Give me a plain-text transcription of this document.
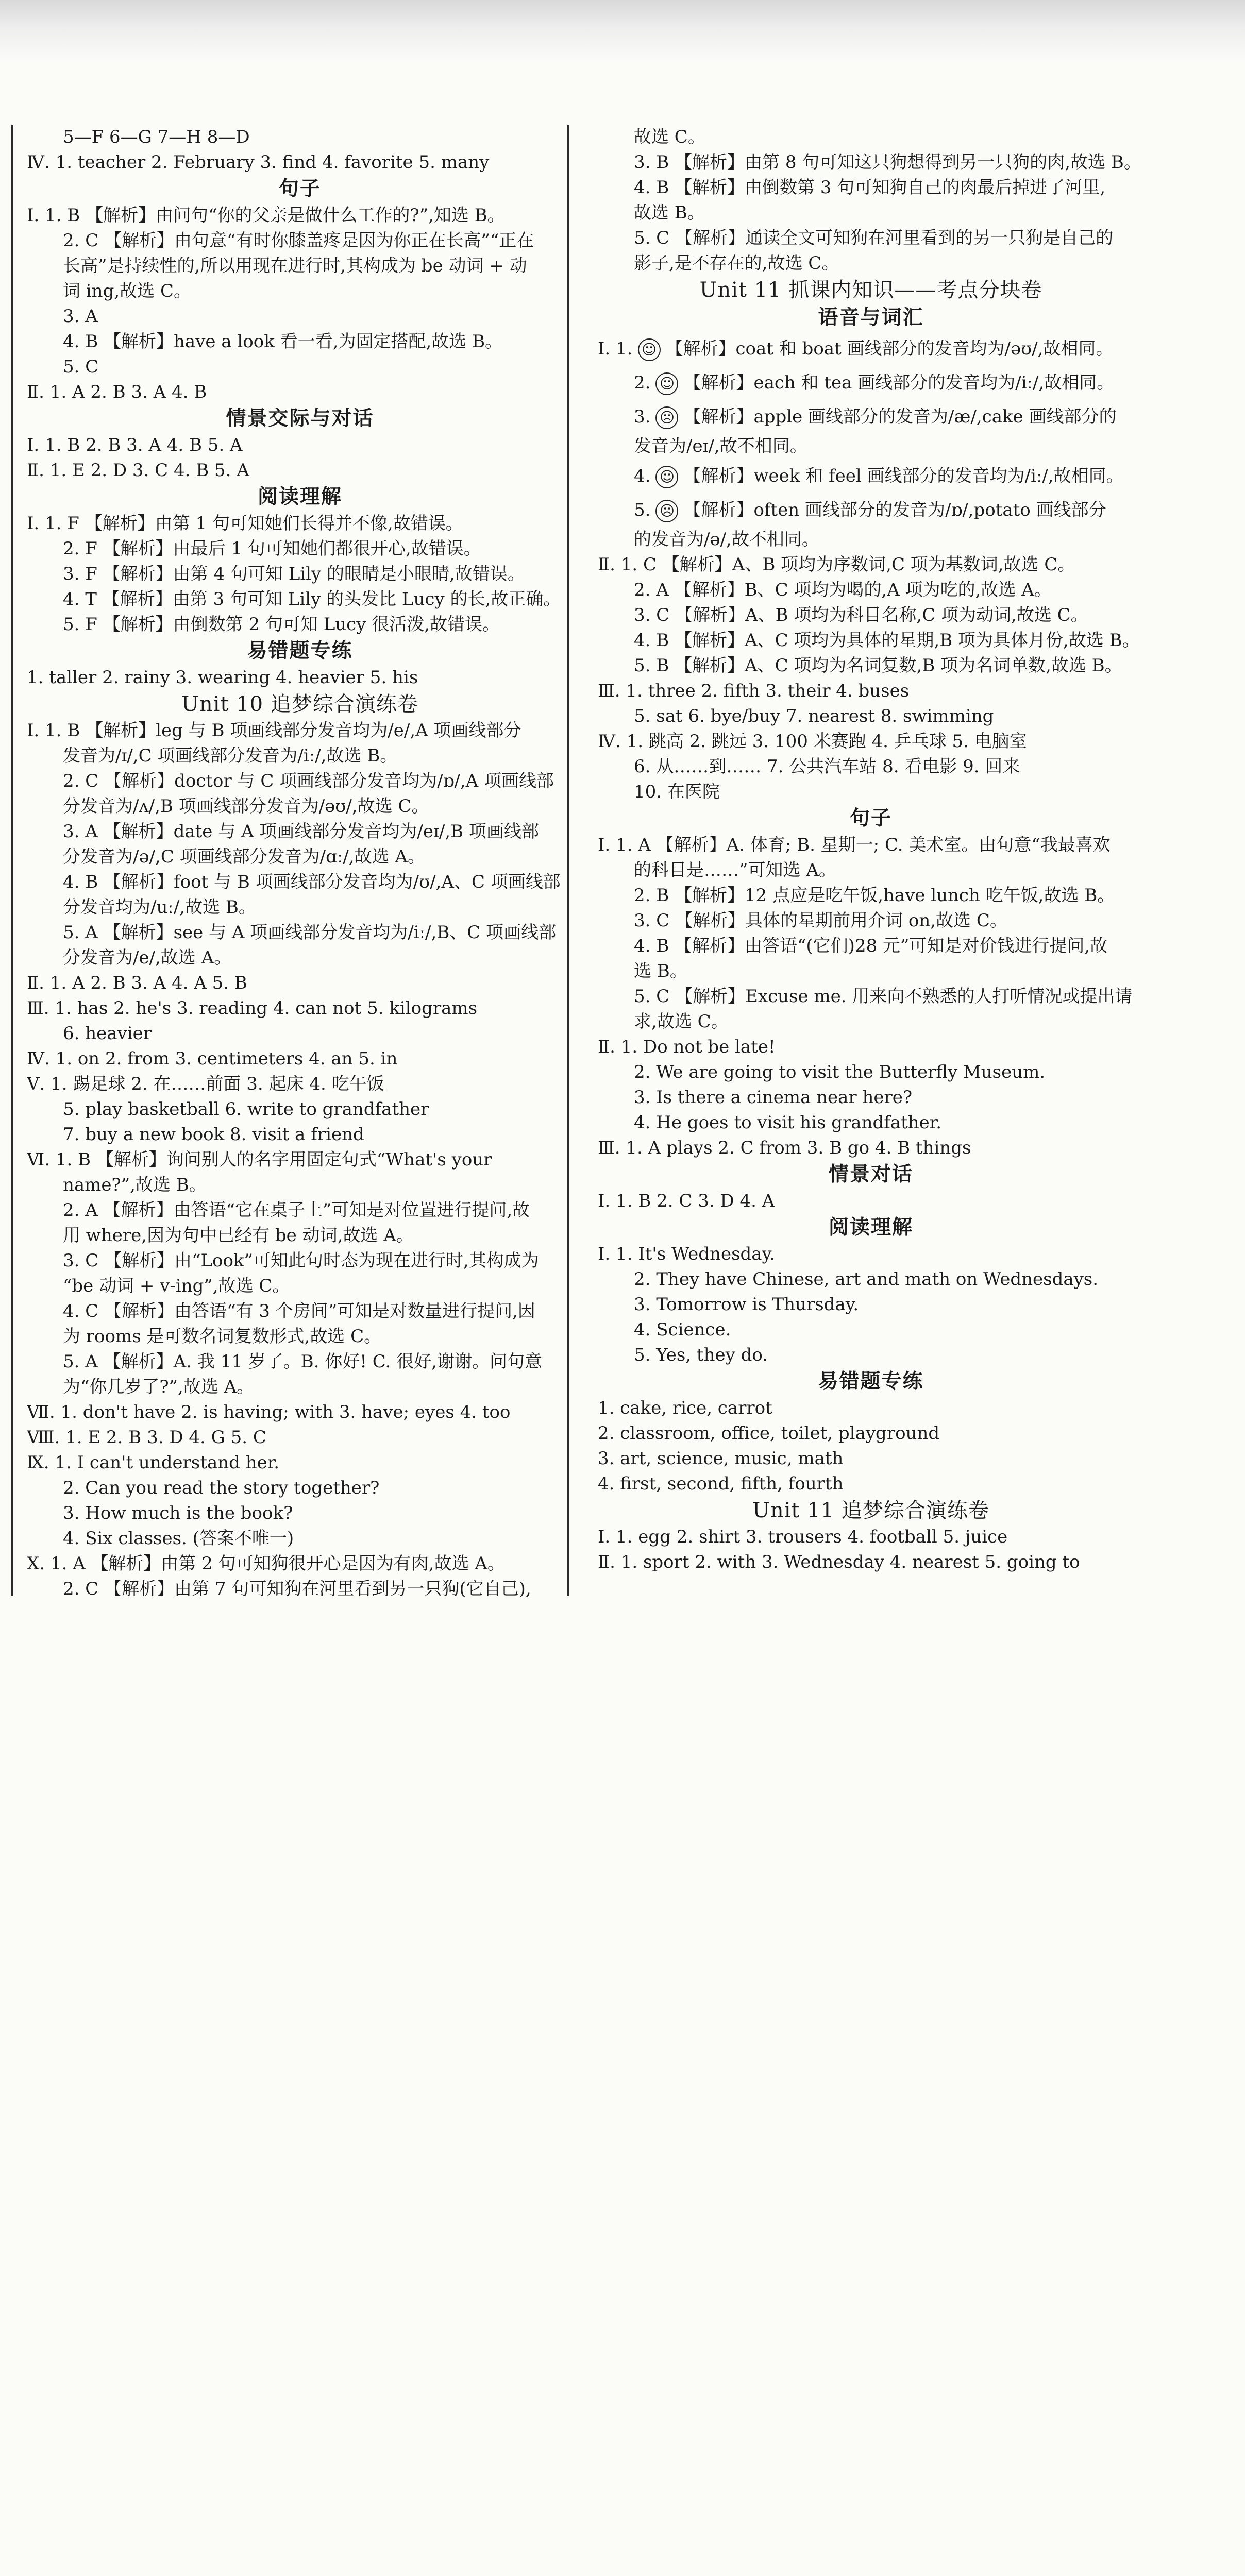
5—F 6—G 7—H 8—D
Ⅳ. 1. teacher 2. February 3. find 4. favorite 5. many
句子
Ⅰ. 1. B 【解析】由问句“你的父亲是做什么工作的?”,知选 B。
2. C 【解析】由句意“有时你膝盖疼是因为你正在长高”“正在
长高”是持续性的,所以用现在进行时,其构成为 be 动词 + 动
词 ing,故选 C。
3. A
4. B 【解析】have a look 看一看,为固定搭配,故选 B。
5. C
Ⅱ. 1. A 2. B 3. A 4. B
情景交际与对话
Ⅰ. 1. B 2. B 3. A 4. B 5. A
Ⅱ. 1. E 2. D 3. C 4. B 5. A
阅读理解
Ⅰ. 1. F 【解析】由第 1 句可知她们长得并不像,故错误。
2. F 【解析】由最后 1 句可知她们都很开心,故错误。
3. F 【解析】由第 4 句可知 Lily 的眼睛是小眼睛,故错误。
4. T 【解析】由第 3 句可知 Lily 的头发比 Lucy 的长,故正确。
5. F 【解析】由倒数第 2 句可知 Lucy 很活泼,故错误。
易错题专练
1. taller 2. rainy 3. wearing 4. heavier 5. his
Unit 10 追梦综合演练卷
Ⅰ. 1. B 【解析】leg 与 B 项画线部分发音均为/e/,A 项画线部分
发音为/ɪ/,C 项画线部分发音为/iː/,故选 B。
2. C 【解析】doctor 与 C 项画线部分发音均为/ɒ/,A 项画线部
分发音为/ʌ/,B 项画线部分发音为/əʊ/,故选 C。
3. A 【解析】date 与 A 项画线部分发音均为/eɪ/,B 项画线部
分发音为/ə/,C 项画线部分发音为/ɑː/,故选 A。
4. B 【解析】foot 与 B 项画线部分发音均为/ʊ/,A、C 项画线部
分发音均为/uː/,故选 B。
5. A 【解析】see 与 A 项画线部分发音均为/iː/,B、C 项画线部
分发音为/e/,故选 A。
Ⅱ. 1. A 2. B 3. A 4. A 5. B
Ⅲ. 1. has 2. he's 3. reading 4. can not 5. kilograms
6. heavier
Ⅳ. 1. on 2. from 3. centimeters 4. an 5. in
Ⅴ. 1. 踢足球 2. 在……前面 3. 起床 4. 吃午饭
5. play basketball 6. write to grandfather
7. buy a new book 8. visit a friend
Ⅵ. 1. B 【解析】询问别人的名字用固定句式“What's your
name?”,故选 B。
2. A 【解析】由答语“它在桌子上”可知是对位置进行提问,故
用 where,因为句中已经有 be 动词,故选 A。
3. C 【解析】由“Look”可知此句时态为现在进行时,其构成为
“be 动词 + v-ing”,故选 C。
4. C 【解析】由答语“有 3 个房间”可知是对数量进行提问,因
为 rooms 是可数名词复数形式,故选 C。
5. A 【解析】A. 我 11 岁了。B. 你好! C. 很好,谢谢。问句意
为“你几岁了?”,故选 A。
Ⅶ. 1. don't have 2. is having; with 3. have; eyes 4. too
Ⅷ. 1. E 2. B 3. D 4. G 5. C
Ⅸ. 1. I can't understand her.
2. Can you read the story together?
3. How much is the book?
4. Six classes. (答案不唯一)
Ⅹ. 1. A 【解析】由第 2 句可知狗很开心是因为有肉,故选 A。
2. C 【解析】由第 7 句可知狗在河里看到另一只狗(它自己),
故选 C。
3. B 【解析】由第 8 句可知这只狗想得到另一只狗的肉,故选 B。
4. B 【解析】由倒数第 3 句可知狗自己的肉最后掉进了河里,
故选 B。
5. C 【解析】通读全文可知狗在河里看到的另一只狗是自己的
影子,是不存在的,故选 C。
Unit 11 抓课内知识——考点分块卷
语音与词汇
Ⅰ. 1. ☺ 【解析】coat 和 boat 画线部分的发音均为/əʊ/,故相同。
2. ☺ 【解析】each 和 tea 画线部分的发音均为/iː/,故相同。
3. ☹ 【解析】apple 画线部分的发音为/æ/,cake 画线部分的
发音为/eɪ/,故不相同。
4. ☺ 【解析】week 和 feel 画线部分的发音均为/iː/,故相同。
5. ☹ 【解析】often 画线部分的发音为/ɒ/,potato 画线部分
的发音为/ə/,故不相同。
Ⅱ. 1. C 【解析】A、B 项均为序数词,C 项为基数词,故选 C。
2. A 【解析】B、C 项均为喝的,A 项为吃的,故选 A。
3. C 【解析】A、B 项均为科目名称,C 项为动词,故选 C。
4. B 【解析】A、C 项均为具体的星期,B 项为具体月份,故选 B。
5. B 【解析】A、C 项均为名词复数,B 项为名词单数,故选 B。
Ⅲ. 1. three 2. fifth 3. their 4. buses
5. sat 6. bye/buy 7. nearest 8. swimming
Ⅳ. 1. 跳高 2. 跳远 3. 100 米赛跑 4. 乒乓球 5. 电脑室
6. 从……到…… 7. 公共汽车站 8. 看电影 9. 回来
10. 在医院
句子
Ⅰ. 1. A 【解析】A. 体育; B. 星期一; C. 美术室。由句意“我最喜欢
的科目是……”可知选 A。
2. B 【解析】12 点应是吃午饭,have lunch 吃午饭,故选 B。
3. C 【解析】具体的星期前用介词 on,故选 C。
4. B 【解析】由答语“(它们)28 元”可知是对价钱进行提问,故
选 B。
5. C 【解析】Excuse me. 用来向不熟悉的人打听情况或提出请
求,故选 C。
Ⅱ. 1. Do not be late!
2. We are going to visit the Butterfly Museum.
3. Is there a cinema near here?
4. He goes to visit his grandfather.
Ⅲ. 1. A plays 2. C from 3. B go 4. B things
情景对话
Ⅰ. 1. B 2. C 3. D 4. A
阅读理解
Ⅰ. 1. It's Wednesday.
2. They have Chinese, art and math on Wednesdays.
3. Tomorrow is Thursday.
4. Science.
5. Yes, they do.
易错题专练
1. cake, rice, carrot
2. classroom, office, toilet, playground
3. art, science, music, math
4. first, second, fifth, fourth
Unit 11 追梦综合演练卷
Ⅰ. 1. egg 2. shirt 3. trousers 4. football 5. juice
Ⅱ. 1. sport 2. with 3. Wednesday 4. nearest 5. going to
